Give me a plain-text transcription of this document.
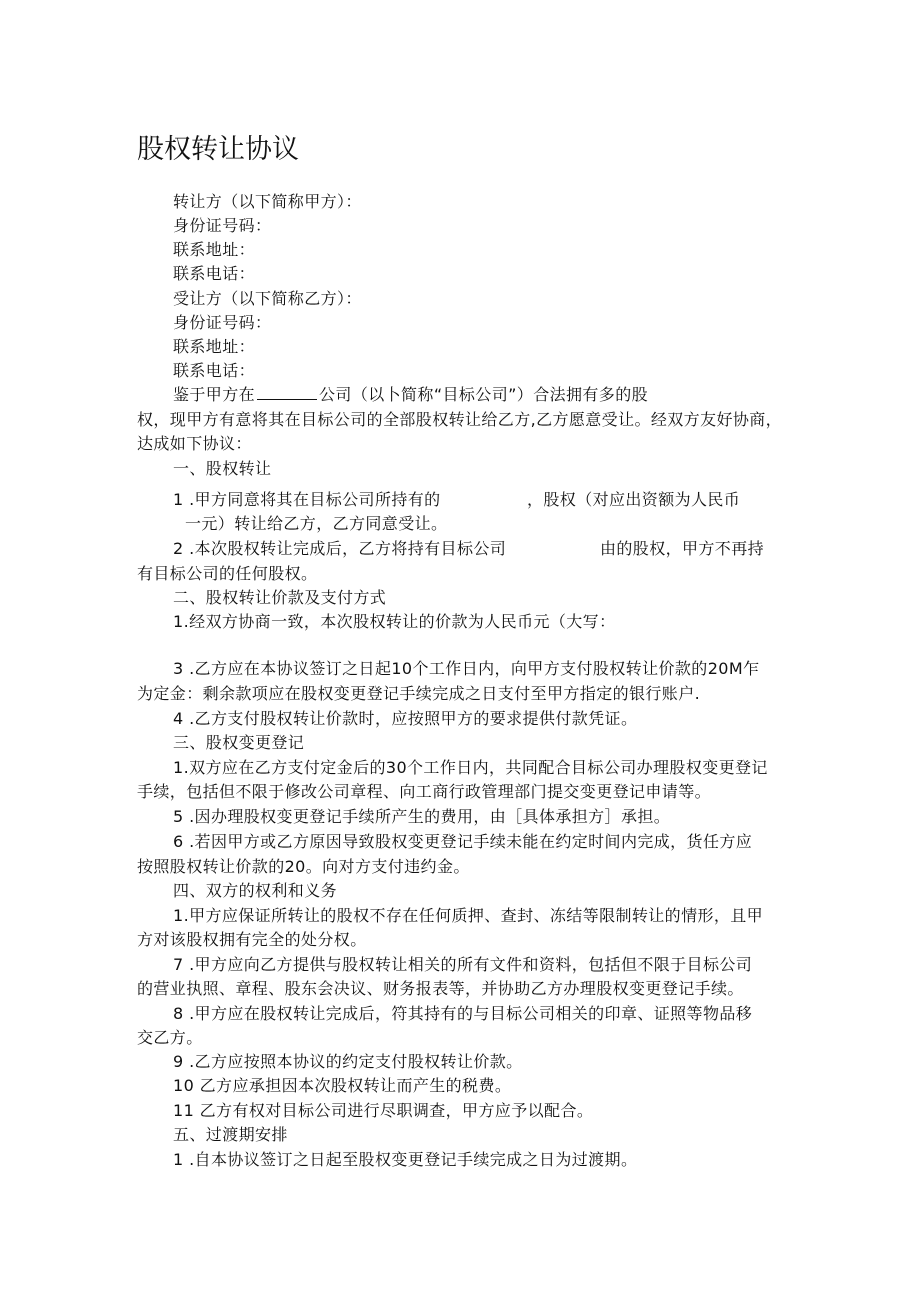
股权转让协议
转让方（以下简称甲方）：
身份证号码：
联系地址：
联系电话：
受让方（以下简称乙方）：
身份证号码：
联系地址：
联系电话：
鉴于甲方在	公司（以卜简称“目标公司”）合法拥有多的股
权，现甲方有意将其在目标公司的全部股权转让给乙方,乙方愿意受让。经双方友好协商，
达成如下协议：
一、股权转让
1 .甲方同意将其在目标公司所持有的	，股权（对应出资额为人民币
一元）转让给乙方，乙方同意受让。
2 .本次股权转让完成后，乙方将持有目标公司	由的股权，甲方不再持
有目标公司的任何股权。
二、股权转让价款及支付方式
1.经双方协商一致，本次股权转让的价款为人民币元（大写：
3 .乙方应在本协议签订之日起10个工作日内，向甲方支付股权转让价款的20M乍
为定金：剩余款项应在股权变更登记手续完成之日支付至甲方指定的银行账户.
4 .乙方支付股权转让价款时，应按照甲方的要求提供付款凭证。
三、股权变更登记
1.双方应在乙方支付定金后的30个工作日内，共同配合目标公司办理股权变更登记
手续，包括但不限于修改公司章程、向工商行政管理部门提交变更登记申请等。
5 .因办理股权变更登记手续所产生的费用，由［具体承担方］承担。
6 .若因甲方或乙方原因导致股权变更登记手续未能在约定时间内完成，货任方应
按照股权转让价款的20。向对方支付违约金。
四、双方的权利和义务
1.甲方应保证所转让的股权不存在任何质押、查封、冻结等限制转让的情形，且甲
方对该股权拥有完全的处分权。
7 .甲方应向乙方提供与股权转让相关的所有文件和资料，包括但不限于目标公司
的营业执照、章程、股东会决议、财务报表等，并协助乙方办理股权变更登记手续。
8 .甲方应在股权转让完成后，符其持有的与目标公司相关的印章、证照等物品移
交乙方。
9 .乙方应按照本协议的约定支付股权转让价款。
10 乙方应承担因本次股权转让而产生的税费。
11 乙方有权对目标公司进行尽职调查，甲方应予以配合。
五、过渡期安排
1 .自本协议签订之日起至股权变更登记手续完成之日为过渡期。
